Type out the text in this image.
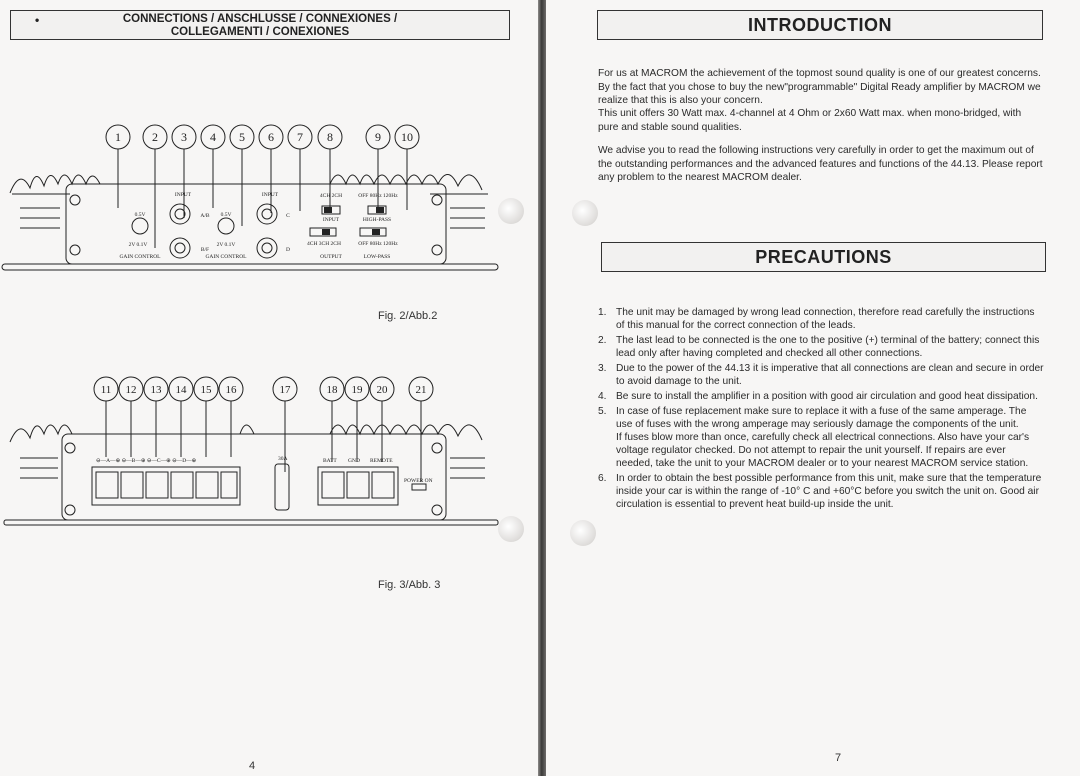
•	CONNECTIONS / ANSCHLUSSE / CONNEXIONES /
COLLEGAMENTI / CONEXIONES
1	2 3 4 5 6 7 8	9 10
INPUT	INPUT
0.5V	0.5V
A/B	C
B/F	D
2V 0.1V	2V 0.1V
GAIN CONTROL	GAIN CONTROL
4CH 2CH	OFF 80Hz 120Hz
INPUT	HIGH-PASS
4CH 3CH 2CH	OFF 80Hz 120Hz
OUTPUT	LOW-PASS
Fig. 2/Abb.2
11 12 13 14 15 16	17	18 19 20	21
⊖—A—⊕ ⊖—B—⊕ ⊖—C—⊕ ⊖—D—⊕	30A	BATT GND REMOTE
POWER ON
Fig. 3/Abb. 3
4
INTRODUCTION

For us at MACROM the achievement of the topmost sound quality is one of our greatest concerns. By the fact that you chose to buy the new"programmable" Digital Ready amplifier by MACROM we realize that this is also your concern.

This unit offers 30 Watt max. 4-channel at 4 Ohm or 2x60 Watt max. when mono-bridged, with pure and stable sound qualities.

We advise you to read the following instructions very carefully in order to get the maximum out of the outstanding performances and the advanced features and functions of the 44.13. Please report any problem to the nearest MACROM dealer.

PRECAUTIONS
1. The unit may be damaged by wrong lead connection, therefore read carefully the instructions of this manual for the correct connection of the leads.
2. The last lead to be connected is the one to the positive (+) terminal of the battery; connect this lead only after having completed and checked all other connections.
3. Due to the power of the 44.13 it is imperative that all connections are clean and secure in order to avoid damage to the unit.
4. Be sure to install the amplifier in a position with good air circulation and good heat dissipation.
5. In case of fuse replacement make sure to replace it with a fuse of the same amperage. The use of fuses with the wrong amperage may seriously damage the components of the unit.
If fuses blow more than once, carefully check all electrical connections. Also have your car's voltage regulator checked. Do not attempt to repair the unit yourself. If repairs are ever needed, take the unit to your MACROM dealer or to your nearest MACROM service station.
6. In order to obtain the best possible performance from this unit, make sure that the temperature inside your car is within the range of -10° C and +60°C before you switch the unit on. Good air circulation is essential to prevent heat build-up inside the unit.
7
